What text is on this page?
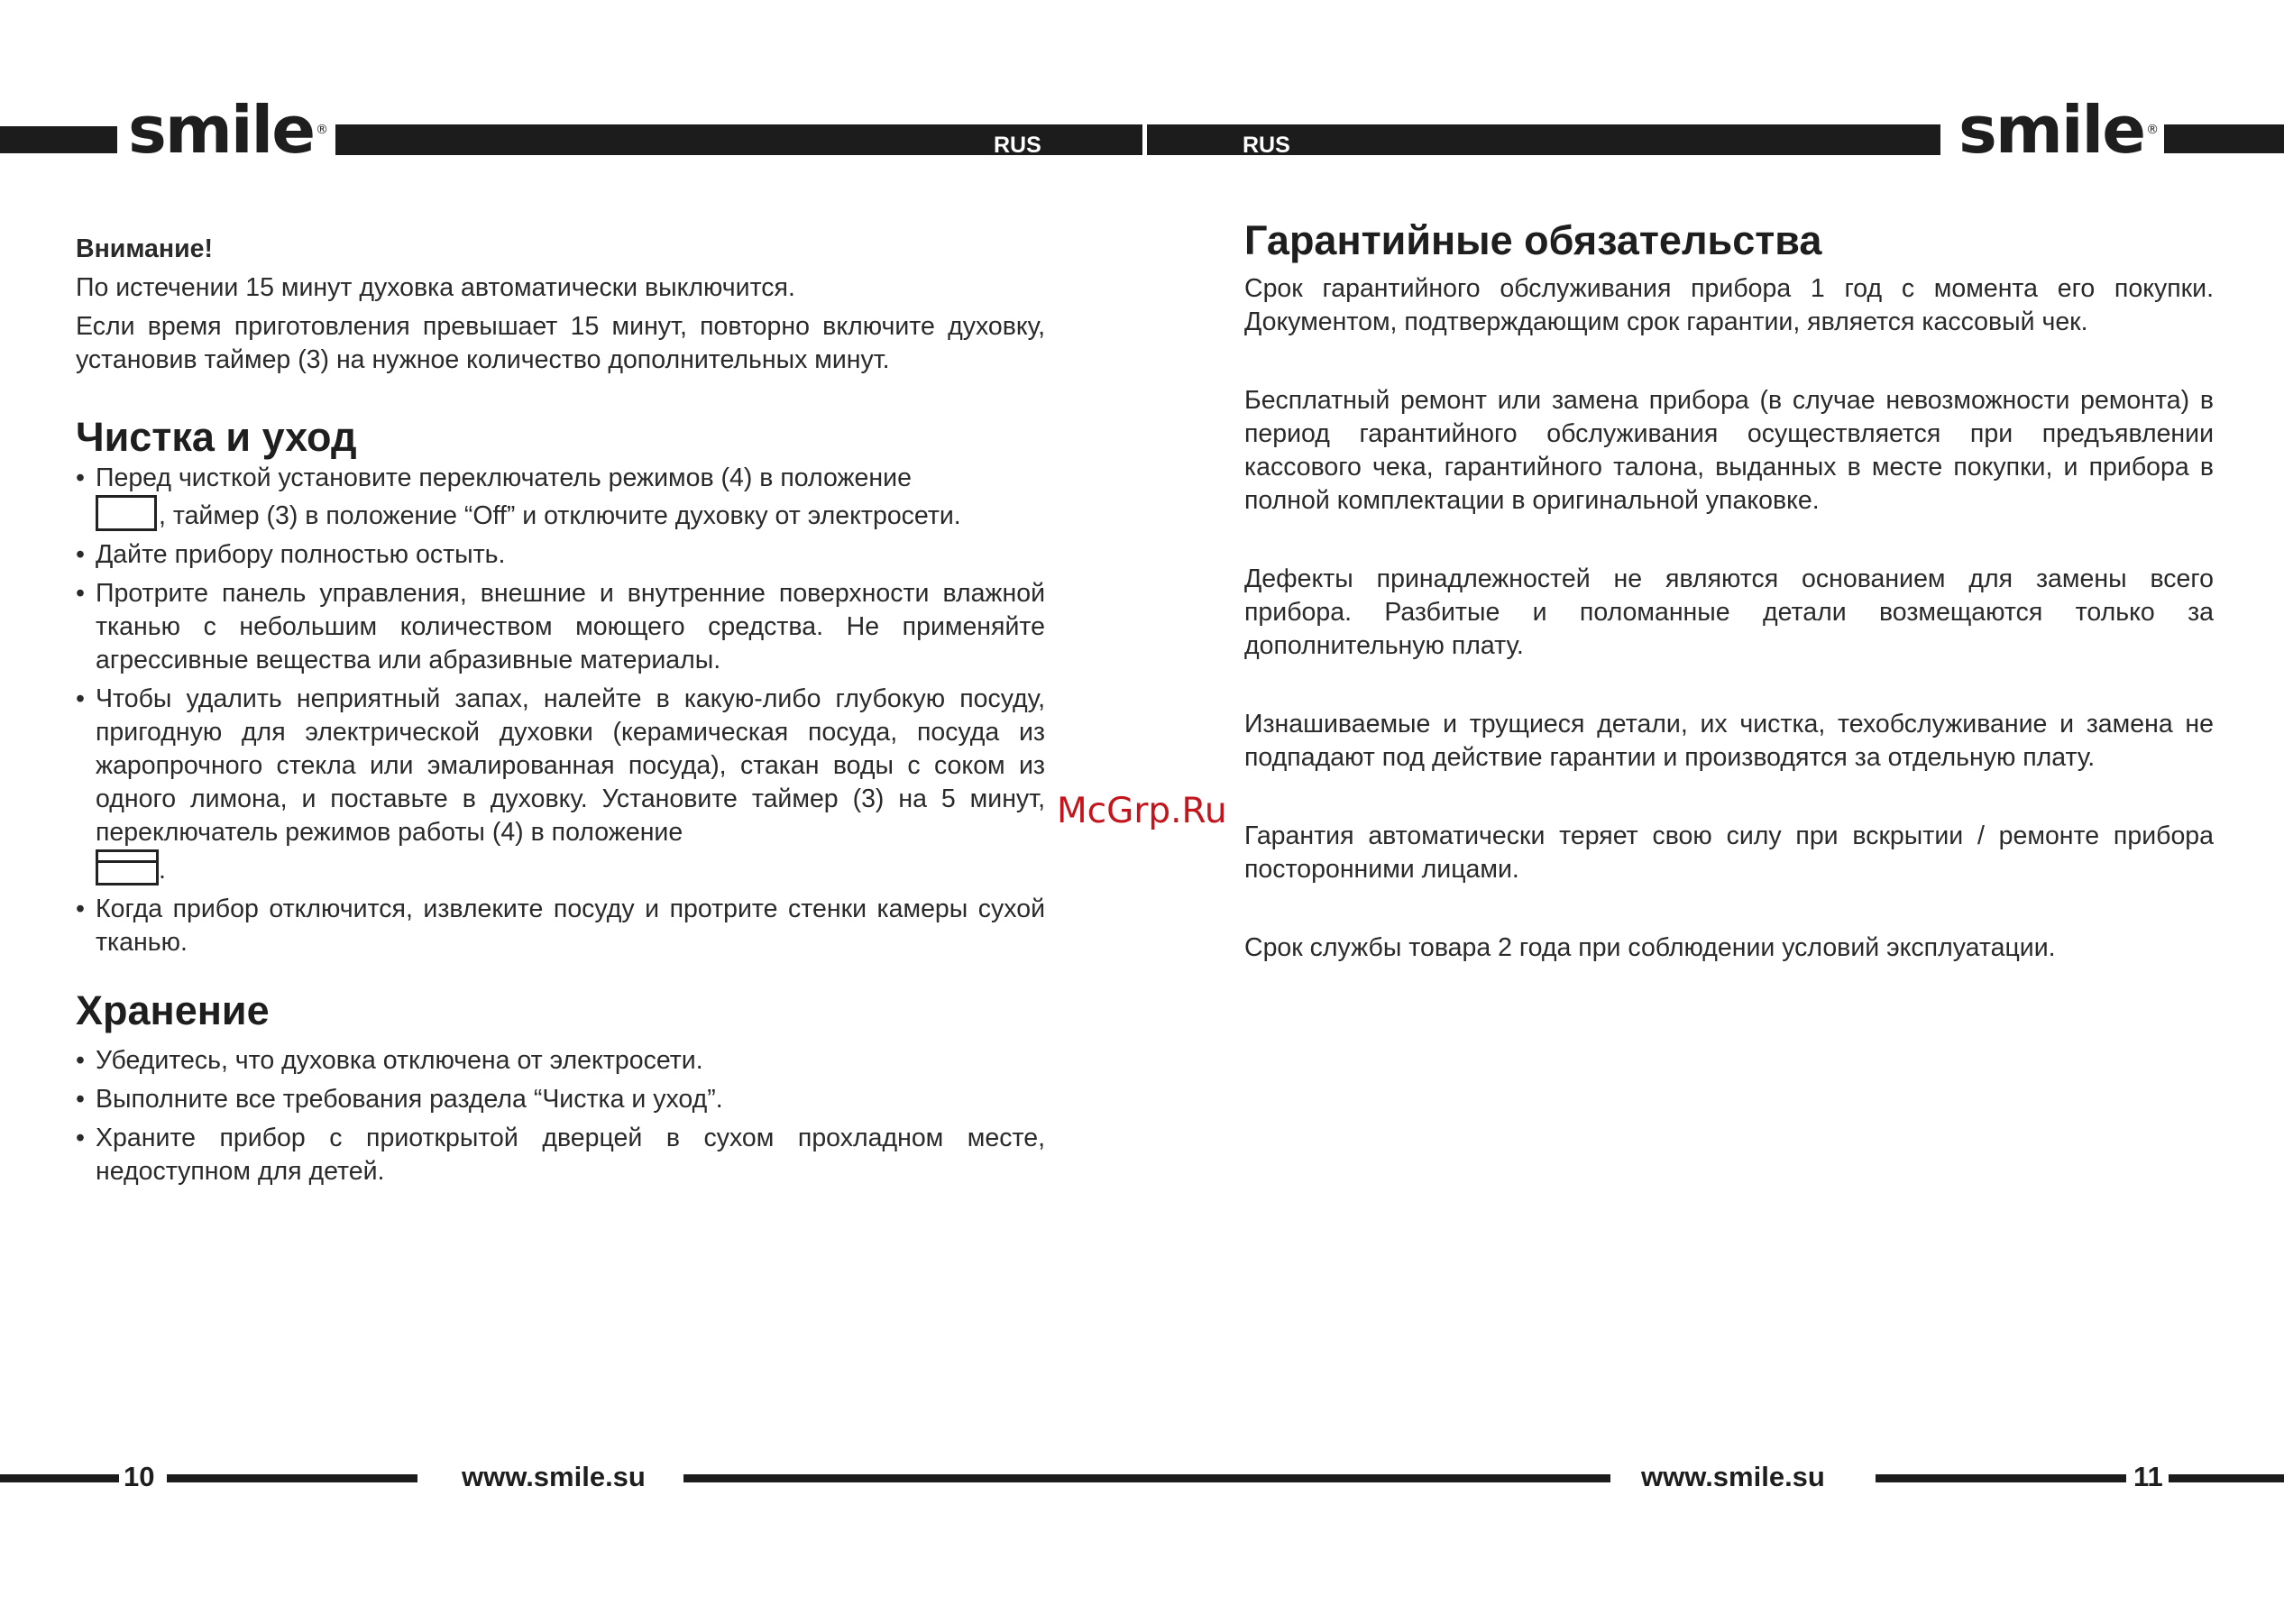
smile ®
RUS	RUS	smile ®

Внимание!

По истечении 15 минут духовка автоматически выключится.

Если время приготовления превышает 15 минут, повторно включите духовку, установив таймер (3) на нужное количество дополнительных минут.

Чистка и уход
• Перед чисткой установите переключатель режимов (4) в положение
, таймер (3) в положение “Off” и отключите духовку от электросети.
• Дайте прибору полностью остыть.
• Протрите панель управления, внешние и внутренние поверхности влажной тканью с небольшим количеством моющего средства. Не применяйте агрессивные вещества или абразивные материалы.
• Чтобы удалить неприятный запах, налейте в какую-либо глубокую посуду, пригодную для электрической духовки (керамическая посуда, посуда из жаропрочного стекла или эмалированная посуда), стакан воды с соком из одного лимона, и поставьте в духовку. Установите таймер (3) на 5 минут, переключатель режимов работы (4) в положение
.
• Когда прибор отключится, извлеките посуду и протрите стенки камеры сухой тканью.
Хранение
• Убедитесь, что духовка отключена от электросети.
• Выполните все требования раздела “Чистка и уход”.
• Храните прибор с приоткрытой дверцей в сухом прохладном месте, недоступном для детей.
McGrp.Ru
Гарантийные обязательства

Срок гарантийного обслуживания прибора 1 год с момента его покупки. Документом, подтверждающим срок гарантии, является кассовый чек.

Бесплатный ремонт или замена прибора (в случае невозможности ремонта) в период гарантийного обслуживания осуществляется при предъявлении кассового чека, гарантийного талона, выданных в месте покупки, и прибора в полной комплектации в оригинальной упаковке.

Дефекты принадлежностей не являются основанием для замены всего прибора. Разбитые и поломанные детали возмещаются только за дополнительную плату.

Изнашиваемые и трущиеся детали, их чистка, техобслуживание и замена не подпадают под действие гарантии и производятся за отдельную плату.

Гарантия автоматически теряет свою силу при вскрытии / ремонте прибора посторонними лицами.

Срок службы товара 2 года при соблюдении условий эксплуатации.

10	www.smile.su	www.smile.su	11
